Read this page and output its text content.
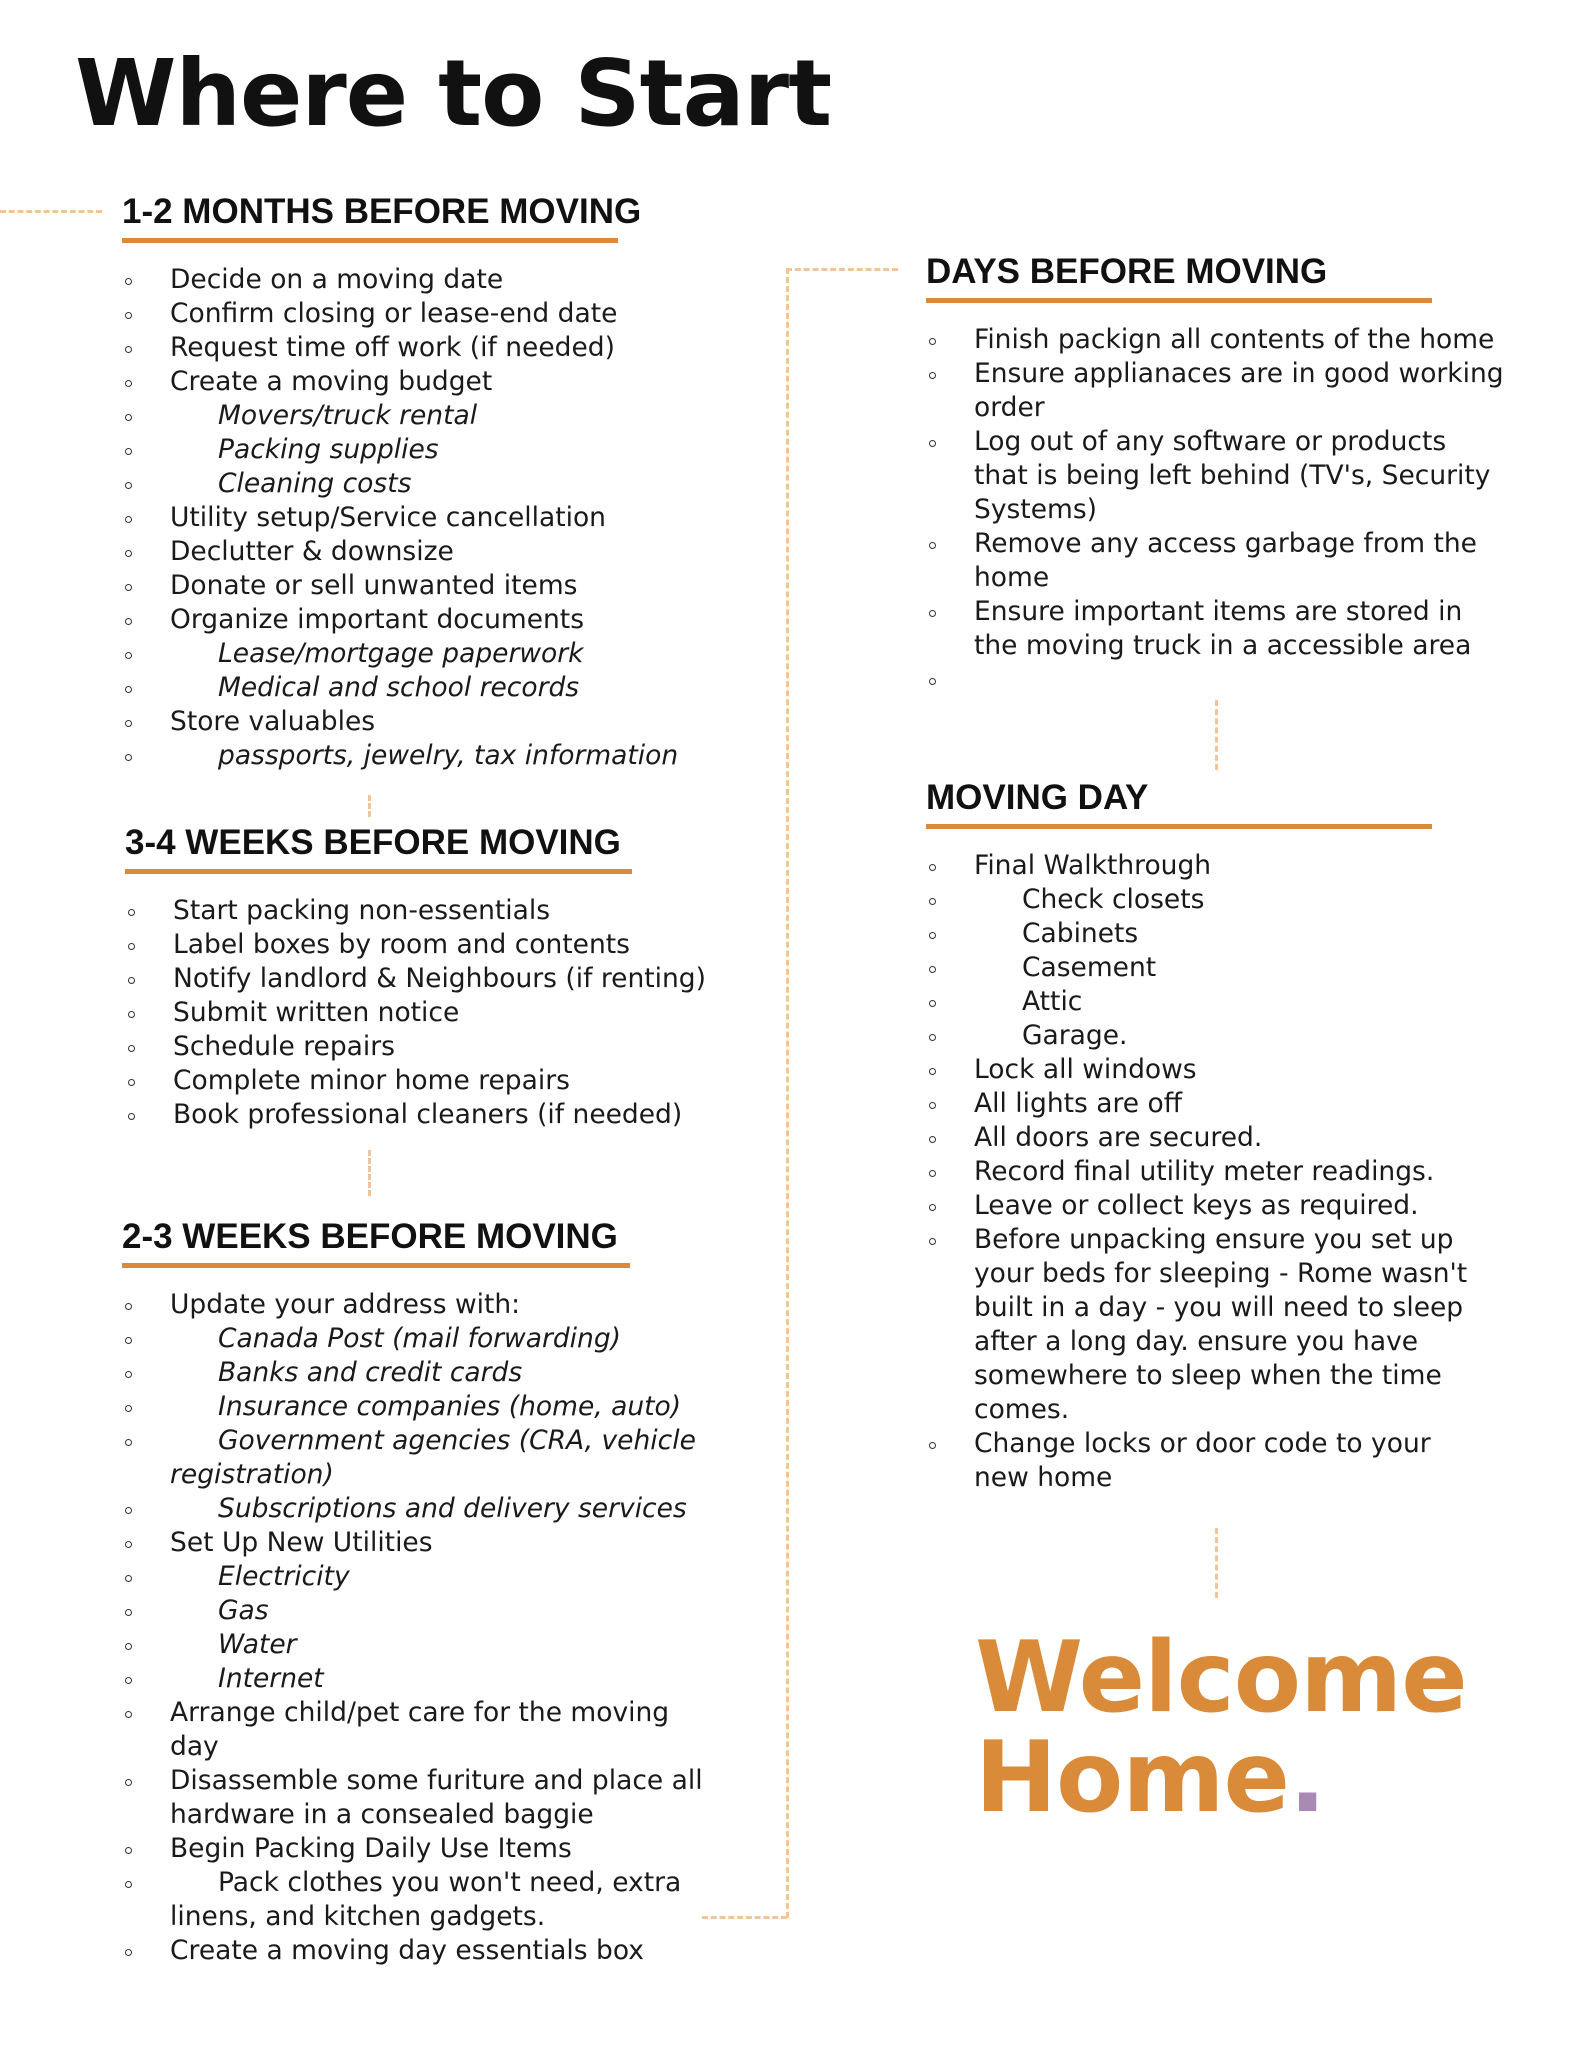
Where to Start
1-2 MONTHS BEFORE MOVING
Decide on a moving date
Confirm closing or lease-end date
Request time off work (if needed)
Create a moving budget
Movers/truck rental
Packing supplies
Cleaning costs
Utility setup/Service cancellation
Declutter & downsize
Donate or sell unwanted items
Organize important documents
Lease/mortgage paperwork
Medical and school records
Store valuables
passports, jewelry, tax information
3-4 WEEKS BEFORE MOVING
Start packing non-essentials
Label boxes by room and contents
Notify landlord & Neighbours (if renting)
Submit written notice
Schedule repairs
Complete minor home repairs
Book professional cleaners (if needed)
2-3 WEEKS BEFORE MOVING
Update your address with:
Canada Post (mail forwarding)
Banks and credit cards
Insurance companies (home, auto)
Government agencies (CRA, vehicle registration)
Subscriptions and delivery services
Set Up New Utilities
Electricity
Gas
Water
Internet
Arrange child/pet care for the moving day
Disassemble some furiture and place all hardware in a consealed baggie
Begin Packing Daily Use Items
Pack clothes you won't need, extra linens, and kitchen gadgets.
Create a moving day essentials box
DAYS BEFORE MOVING
Finish packign all contents of the home
Ensure applianaces are in good working order
Log out of any software or products that is being left behind (TV's, Security Systems)
Remove any access garbage from the home
Ensure important items are stored in the moving truck in a accessible area
MOVING DAY
Final Walkthrough
Check closets
Cabinets
Casement
Attic
Garage.
Lock all windows
All lights are off
All doors are secured.
Record final utility meter readings.
Leave or collect keys as required.
Before unpacking ensure you set up your beds for sleeping - Rome wasn't built in a day - you will need to sleep after a long day. ensure you have somewhere to sleep when the time comes.
Change locks or door code to your new home
Welcome
Home.
